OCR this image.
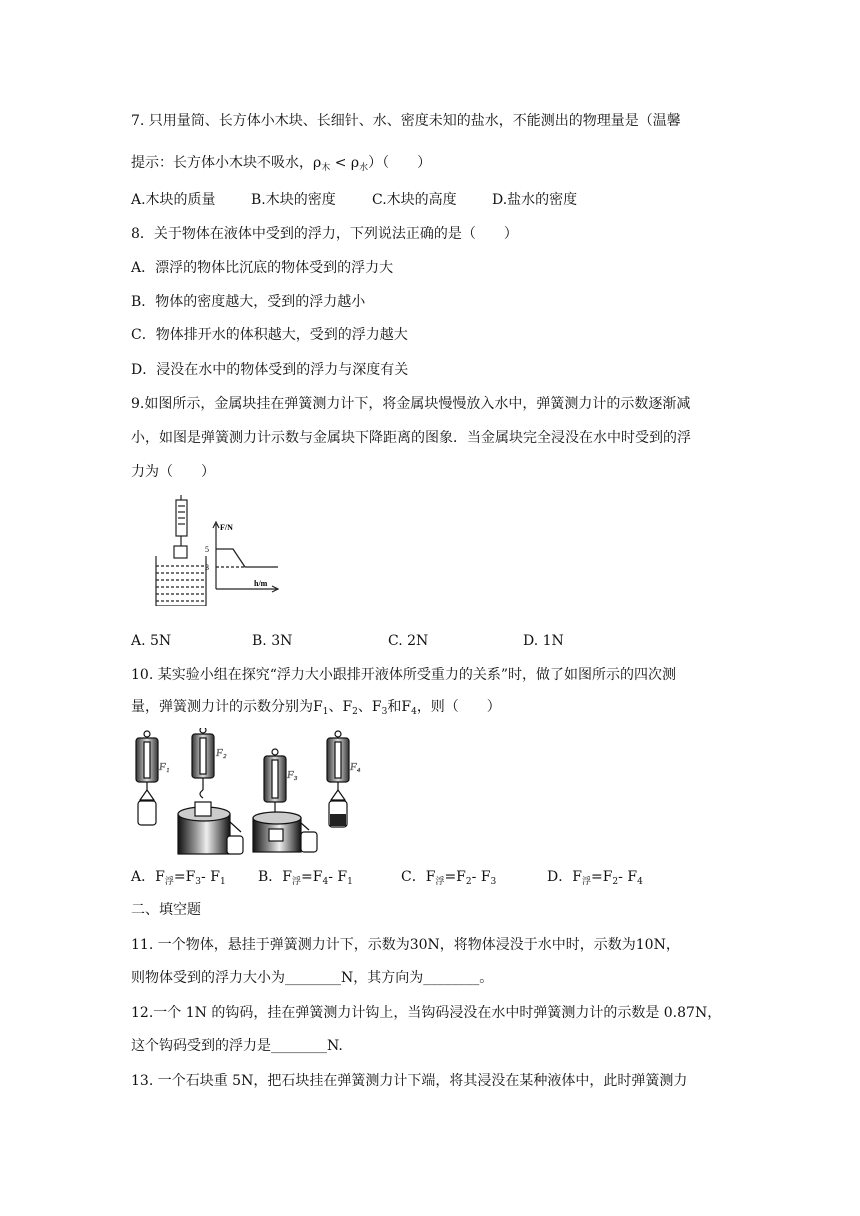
7. 只用量筒、长方体小木块、长细针、水、密度未知的盐水，不能测出的物理量是（温馨
提示：长方体小木块不吸水，$\rho_木 < \rho_水$）（　　）
A.木块的质量	B.木块的密度	C.木块的高度	D.盐水的密度
8．关于物体在液体中受到的浮力，下列说法正确的是（　　）
A．漂浮的物体比沉底的物体受到的浮力大
B．物体的密度越大，受到的浮力越小
C．物体排开水的体积越大，受到的浮力越大
D．浸没在水中的物体受到的浮力与深度有关
9.如图所示，金属块挂在弹簧测力计下，将金属块慢慢放入水中，弹簧测力计的示数逐渐减
小，如图是弹簧测力计示数与金属块下降距离的图象．当金属块完全浸没在水中时受到的浮
力为（　　）
F/N
h/m
5
3
A. 5N	B. 3N	C. 2N	D. 1N
10. 某实验小组在探究“浮力大小跟排开液体所受重力的关系”时，做了如图所示的四次测
量，弹簧测力计的示数分别为$F_1$、$F_2$、$F_3$和$F_4$，则（　　）
F₁
F₂
F₃
F₄
A．$F_浮=F_3-$ $F_1$ B．$F_浮=F_4-$ $F_1$	C．$F_浮=F_2-$ $F_3$	D．$F_浮=F_2-$ $F_4$
二、填空题
11. 一个物体，悬挂于弹簧测力计下，示数为30N，将物体浸没于水中时，示数为10N，
则物体受到的浮力大小为________N，其方向为________。
12.一个 1N 的钩码，挂在弹簧测力计钩上，当钩码浸没在水中时弹簧测力计的示数是 0.87N，
这个钩码受到的浮力是________N.
13. 一个石块重 5N，把石块挂在弹簧测力计下端，将其浸没在某种液体中，此时弹簧测力
